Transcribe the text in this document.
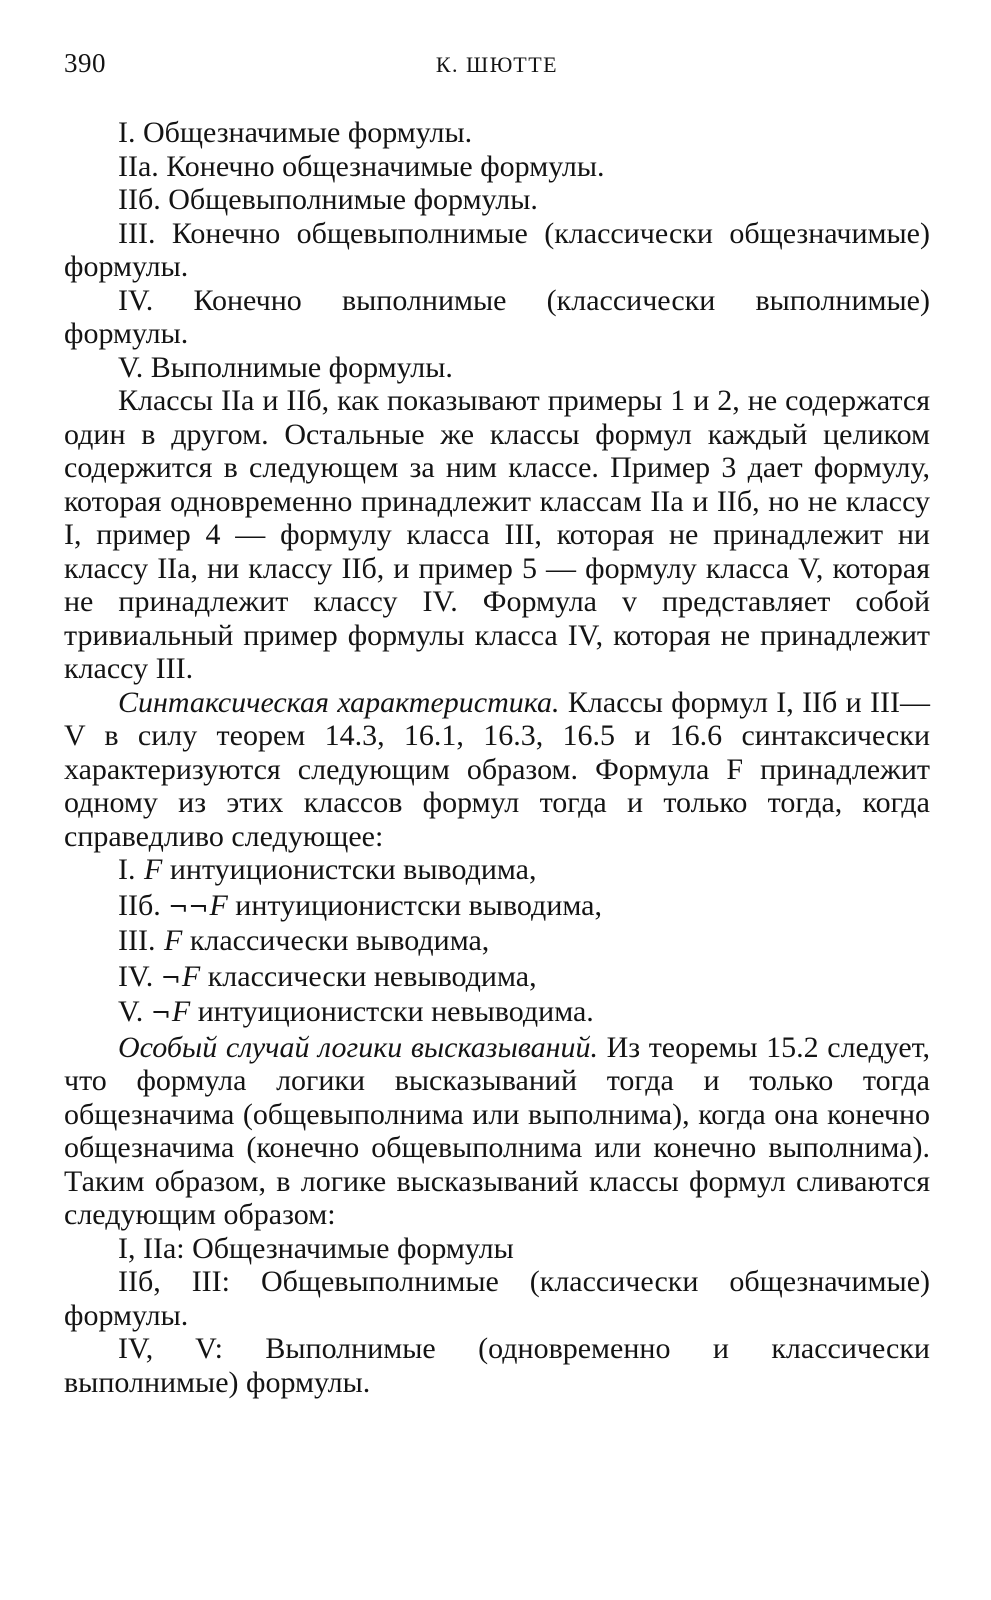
390	К. ШЮТТЕ

I. Общезначимые формулы.

IIа. Конечно общезначимые формулы.

IIб. Общевыполнимые формулы.

III. Конечно общевыполнимые (классически общезначимые) формулы.

IV. Конечно выполнимые (классически выполнимые) формулы.

V. Выполнимые формулы.

Классы IIа и IIб, как показывают примеры 1 и 2, не содержатся один в другом. Остальные же классы формул каждый целиком содержится в следующем за ним классе. Пример 3 дает формулу, которая одновременно принадлежит классам IIа и IIб, но не классу I, пример 4 — формулу класса III, которая не принадлежит ни классу IIа, ни классу IIб, и пример 5 — формулу класса V, которая не принадлежит классу IV. Формула v представляет собой тривиальный пример формулы класса IV, которая не принадлежит классу III.

Синтаксическая характеристика. Классы формул I, IIб и III—V в силу теорем 14.3, 16.1, 16.3, 16.5 и 16.6 синтаксически характеризуются следующим образом. Формула F принадлежит одному из этих классов формул тогда и только тогда, когда справедливо следующее:

I. F интуиционистски выводима,

IIб. ¬¬F интуиционистски выводима,

III. F классически выводима,

IV. ¬F классически невыводима,

V. ¬F интуиционистски невыводима.

Особый случай логики высказываний. Из теоремы 15.2 следует, что формула логики высказываний тогда и только тогда общезначима (общевыполнима или выполнима), когда она конечно общезначима (конечно общевыполнима или конечно выполнима). Таким образом, в логике высказываний классы формул сливаются следующим образом:

I, IIа: Общезначимые формулы

IIб, III: Общевыполнимые (классически общезначимые) формулы.

IV, V: Выполнимые (одновременно и классически выполнимые) формулы.
